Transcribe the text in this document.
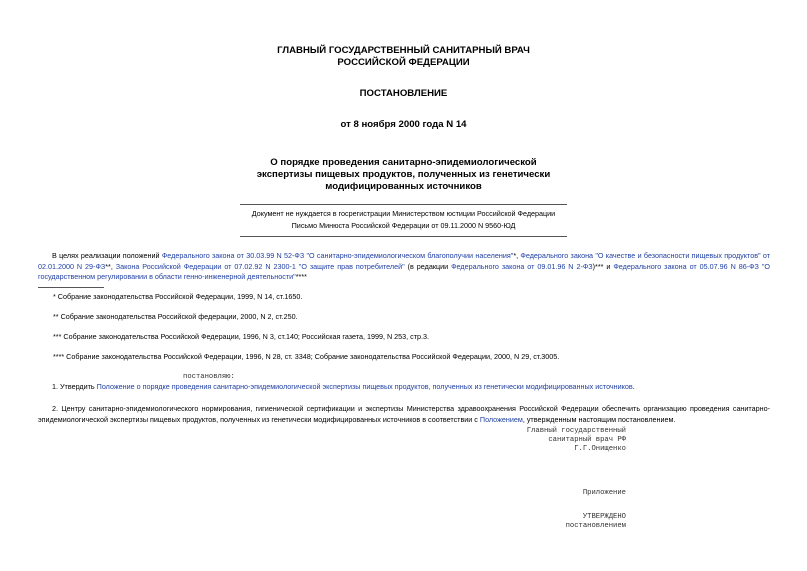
ГЛАВНЫЙ ГОСУДАРСТВЕННЫЙ САНИТАРНЫЙ ВРАЧ
РОССИЙСКОЙ ФЕДЕРАЦИИ
ПОСТАНОВЛЕНИЕ
от 8 ноября 2000 года N 14
О порядке проведения санитарно-эпидемиологической
экспертизы пищевых продуктов, полученных из генетически
модифицированных источников
Документ не нуждается в госрегистрации Министерством юстиции Российской Федерации
Письмо Минюста Российской Федерации от 09.11.2000 N 9560-ЮД
В целях реализации положений Федерального закона от 30.03.99 N 52-ФЗ "О санитарно-эпидемиологическом благополучии населения"*, Федерального закона "О качестве и безопасности пищевых продуктов" от 02.01.2000 N 29-ФЗ**, Закона Российской Федерации от 07.02.92 N 2300-1 "О защите прав потребителей" (в редакции Федерального закона от 09.01.96 N 2-ФЗ)*** и Федерального закона от 05.07.96 N 86-ФЗ "О государственном регулировании в области генно-инженерной деятельности"****
* Собрание законодательства Российской Федерации, 1999, N 14, ст.1650.
** Собрание законодательства Российской федерации, 2000, N 2, ст.250.
*** Собрание законодательства Российской Федерации, 1996, N 3, ст.140; Российская газета, 1999, N 253, стр.3.
**** Собрание законодательства Российской Федерации, 1996, N 28, ст. 3348; Собрание законодательства Российской Федерации, 2000, N 29, ст.3005.
постановляю:
1. Утвердить Положение о порядке проведения санитарно-эпидемиологической экспертизы пищевых продуктов, полученных из генетически модифицированных источников.
2. Центру санитарно-эпидемиологического нормирования, гигиенической сертификации и экспертизы Министерства здравоохранения Российской Федерации обеспечить организацию проведения санитарно-эпидемиологической экспертизы пищевых продуктов, полученных из генетически модифицированных источников в соответствии с Положением, утвержденным настоящим постановлением.
Главный государственный
санитарный врач РФ
Г.Г.Онищенко
Приложение
УТВЕРЖДЕНО
постановлением
